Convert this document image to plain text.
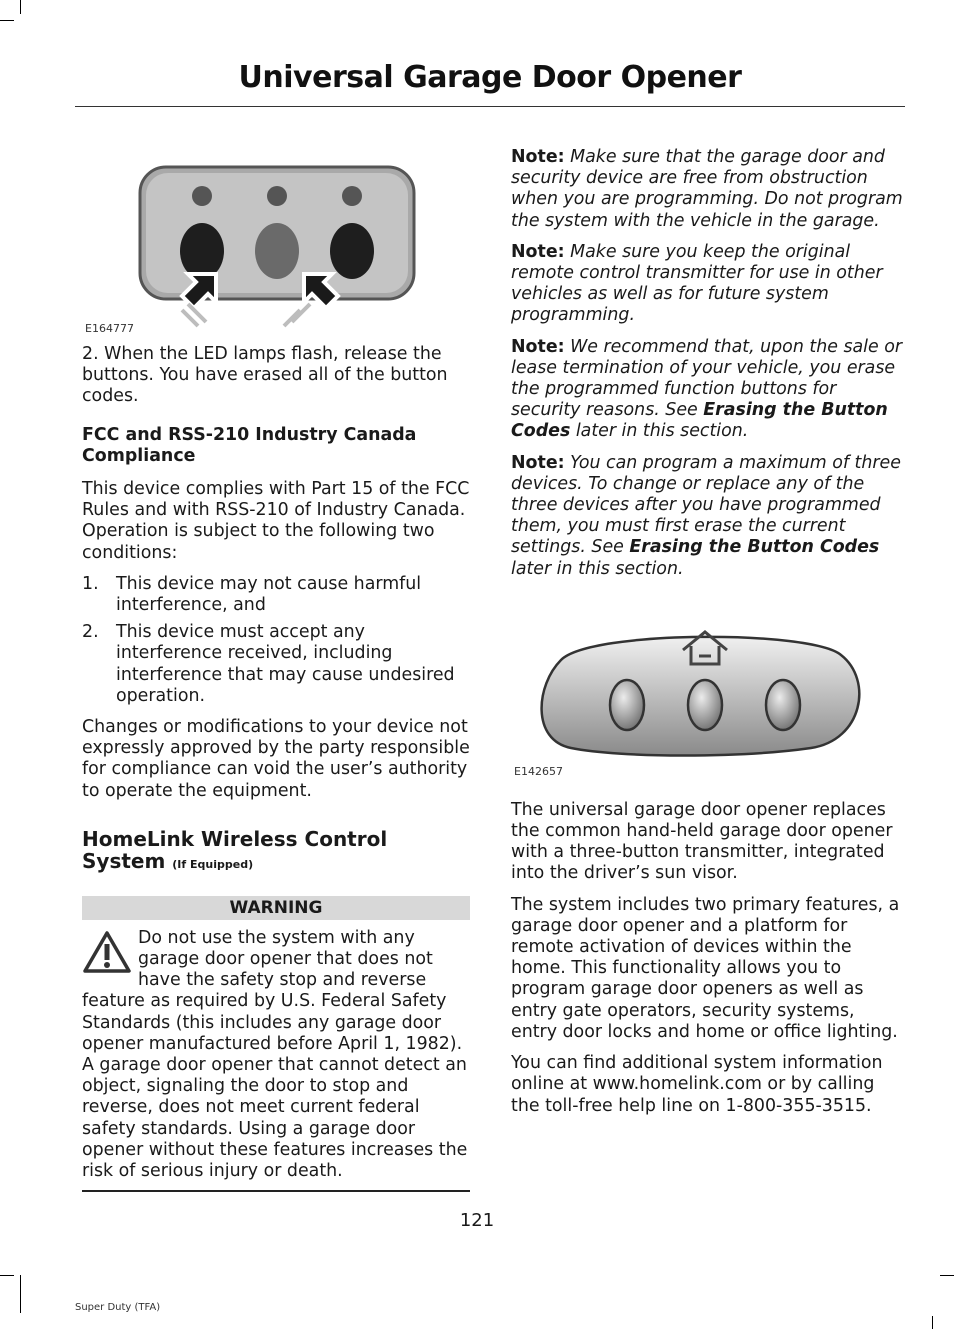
Universal Garage Door Opener
E164777

2. When the LED lamps flash, release the buttons. You have erased all of the button codes.

FCC and RSS-210 Industry Canada Compliance

This device complies with Part 15 of the FCC Rules and with RSS-210 of Industry Canada. Operation is subject to the following two conditions:

1.	This device may not cause harmful interference, and
2.	This device must accept any interference received, including interference that may cause undesired operation.

Changes or modifications to your device not expressly approved by the party responsible for compliance can void the user’s authority to operate the equipment.

HomeLink Wireless Control System (If Equipped)
WARNING

Do not use the system with any garage door opener that does not have the safety stop and reverse feature as required by U.S. Federal Safety Standards (this includes any garage door opener manufactured before April 1, 1982). A garage door opener that cannot detect an object, signaling the door to stop and reverse, does not meet current federal safety standards. Using a garage door opener without these features increases the risk of serious injury or death.

Note: Make sure that the garage door and security device are free from obstruction when you are programming. Do not program the system with the vehicle in the garage.

Note: Make sure you keep the original remote control transmitter for use in other vehicles as well as for future system programming.

Note: We recommend that, upon the sale or lease termination of your vehicle, you erase the programmed function buttons for security reasons. See Erasing the Button Codes later in this section.

Note: You can program a maximum of three devices. To change or replace any of the three devices after you have programmed them, you must first erase the current settings. See Erasing the Button Codes later in this section.

E142657

The universal garage door opener replaces the common hand-held garage door opener with a three-button transmitter, integrated into the driver’s sun visor.

The system includes two primary features, a garage door opener and a platform for remote activation of devices within the home. This functionality allows you to program garage door openers as well as entry gate operators, security systems, entry door locks and home or office lighting.

You can find additional system information online at www.homelink.com or by calling the toll-free help line on 1-800-355-3515.

121
Super Duty (TFA)
